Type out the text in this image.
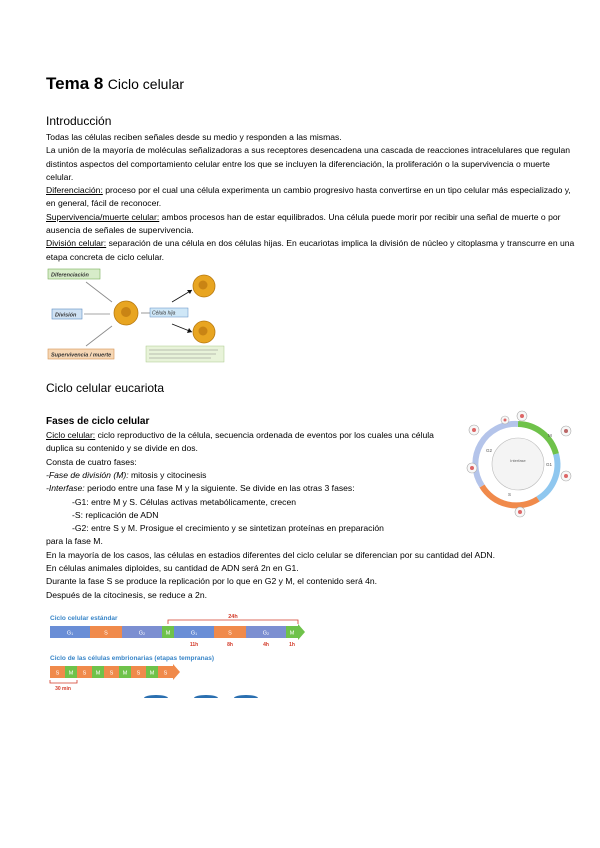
Tema 8 Ciclo celular
Introducción

Todas las células reciben señales desde su medio y responden a las mismas.

La unión de la mayoría de moléculas señalizadoras a sus receptores desencadena una cascada de reacciones intracelulares que regulan distintos aspectos del comportamiento celular entre los que se incluyen la diferenciación, la proliferación o la supervivencia o muerte celular.

Diferenciación: proceso por el cual una célula experimenta un cambio progresivo hasta convertirse en un tipo celular más especializado y, en general, fácil de reconocer.

Supervivencia/muerte celular: ambos procesos han de estar equilibrados. Una célula puede morir por recibir una señal de muerte o por ausencia de señales de supervivencia.

División celular: separación de una célula en dos células hijas. En eucariotas implica la división de núcleo y citoplasma y transcurre en una etapa concreta de ciclo celular.

Diferenciación
División
Supervivencia / muerte
Célula hija
Ciclo celular eucariota
Fases de ciclo celular

Ciclo celular: ciclo reproductivo de la célula, secuencia ordenada de eventos por los cuales una célula duplica su contenido y se divide en dos.

Consta de cuatro fases:

-Fase de división (M): mitosis y citocinesis

-Interfase: periodo entre una fase M y la siguiente. Se divide en las otras 3 fases:

-G1: entre M y S. Células activas metabólicamente, crecen

-S: replicación de ADN

-G2: entre S y M. Prosigue el crecimiento y se sintetizan proteínas en preparación

para la fase M.

En la mayoría de los casos, las células en estadios diferentes del ciclo celular se diferencian por su cantidad del ADN.

En células animales diploides, su cantidad de ADN será 2n en G1.

Durante la fase S se produce la replicación por lo que en G2 y M, el contenido será 4n.

Después de la citocinesis, se reduce a 2n.

Interfase
M
G1
S
G2
Ciclo celular estándar
Ciclo de las células embrionarias (etapas tempranas)
G₁	S	G₂	M	G₁	S	G₂	M
24h
11h	8h	4h	1h
S M S M S M S M S
30 min
